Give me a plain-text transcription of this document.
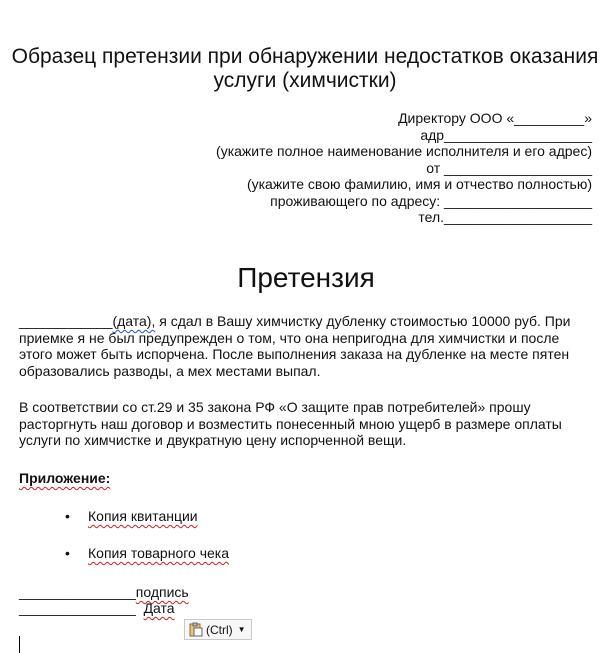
Образец претензии при обнаружении недостатков оказания услуги (химчистки)
Директору ООО «_________»
адр___________________
(укажите полное наименование исполнителя и его адрес)
от ___________________
(укажите свою фамилию, имя и отчество полностью)
проживающего по адресу: ___________________
тел.___________________
Претензия
____________(дата), я сдал в Вашу химчистку дубленку стоимостью 10000 руб. При приемке я не был предупрежден о том, что она непригодна для химчистки и после этого может быть испорчена. После выполнения заказа на дубленке на месте пятен образовались разводы, а мех местами выпал.
В соответствии со ст.29 и 35 закона РФ «О защите прав потребителей» прошу расторгнуть наш договор и возместить понесенный мною ущерб в размере оплаты услуги по химчистке и двукратную цену испорченной вещи.
Приложение:
• Копия квитанции
• Копия товарного чека
_______________подпись
_______________ Дата
(Ctrl) ▼
